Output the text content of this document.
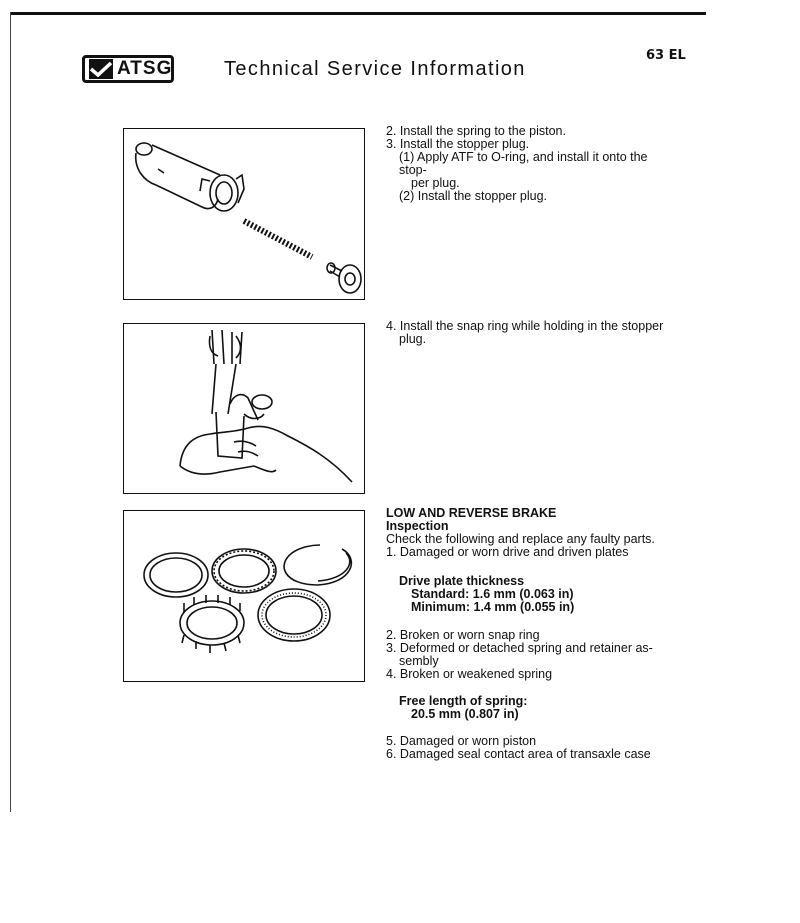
ATSG	Technical Service Information
63 EL
2. Install the spring to the piston.
3. Install the stopper plug.
(1) Apply ATF to O-ring, and install it onto the stop-
per plug.
(2) Install the stopper plug.
4. Install the snap ring while holding in the stopper
plug.
LOW AND REVERSE BRAKE
Inspection
Check the following and replace any faulty parts.
1. Damaged or worn drive and driven plates
Drive plate thickness
Standard: 1.6 mm (0.063 in)
Minimum: 1.4 mm (0.055 in)
2. Broken or worn snap ring
3. Deformed or detached spring and retainer as-
sembly
4. Broken or weakened spring
Free length of spring:
20.5 mm (0.807 in)
5. Damaged or worn piston
6. Damaged seal contact area of transaxle case
